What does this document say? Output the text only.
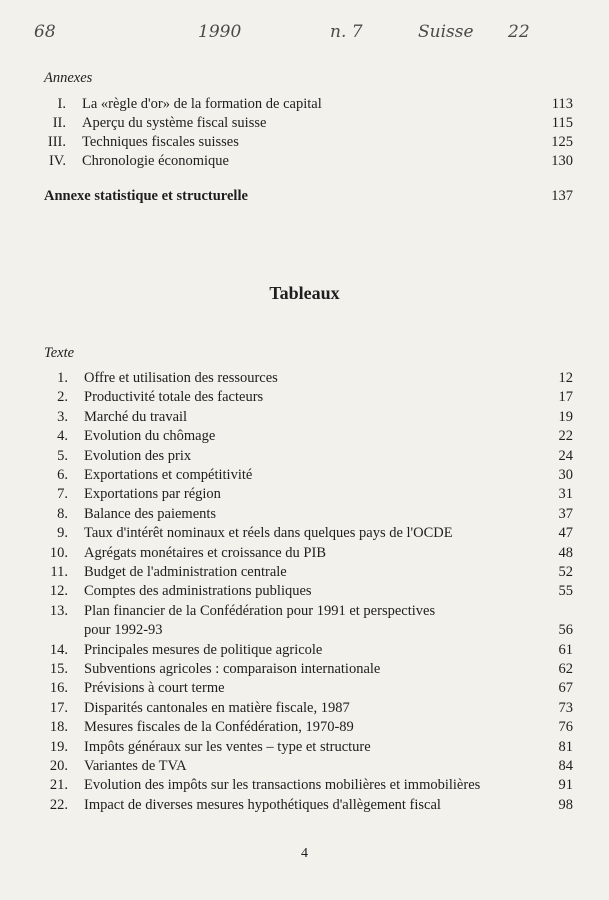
68	1990	n. 7	Suisse 22
Annexes
I. La «règle d'or» de la formation de capital	113
II. Aperçu du système fiscal suisse	115
III. Techniques fiscales suisses	125
IV. Chronologie économique	130
Annexe statistique et structurelle	137
Tableaux
Texte
1. Offre et utilisation des ressources	12
2. Productivité totale des facteurs	17
3. Marché du travail	19
4. Evolution du chômage	22
5. Evolution des prix	24
6. Exportations et compétitivité	30
7. Exportations par région	31
8. Balance des paiements	37
9. Taux d'intérêt nominaux et réels dans quelques pays de l'OCDE	47
10. Agrégats monétaires et croissance du PIB	48
11. Budget de l'administration centrale	52
12. Comptes des administrations publiques	55
13. Plan financier de la Confédération pour 1991 et perspectives
pour 1992-93	56
14. Principales mesures de politique agricole	61
15. Subventions agricoles : comparaison internationale	62
16. Prévisions à court terme	67
17. Disparités cantonales en matière fiscale, 1987	73
18. Mesures fiscales de la Confédération, 1970-89	76
19. Impôts généraux sur les ventes – type et structure	81
20. Variantes de TVA	84
21. Evolution des impôts sur les transactions mobilières et immobilières	91
22. Impact de diverses mesures hypothétiques d'allègement fiscal	98
4
